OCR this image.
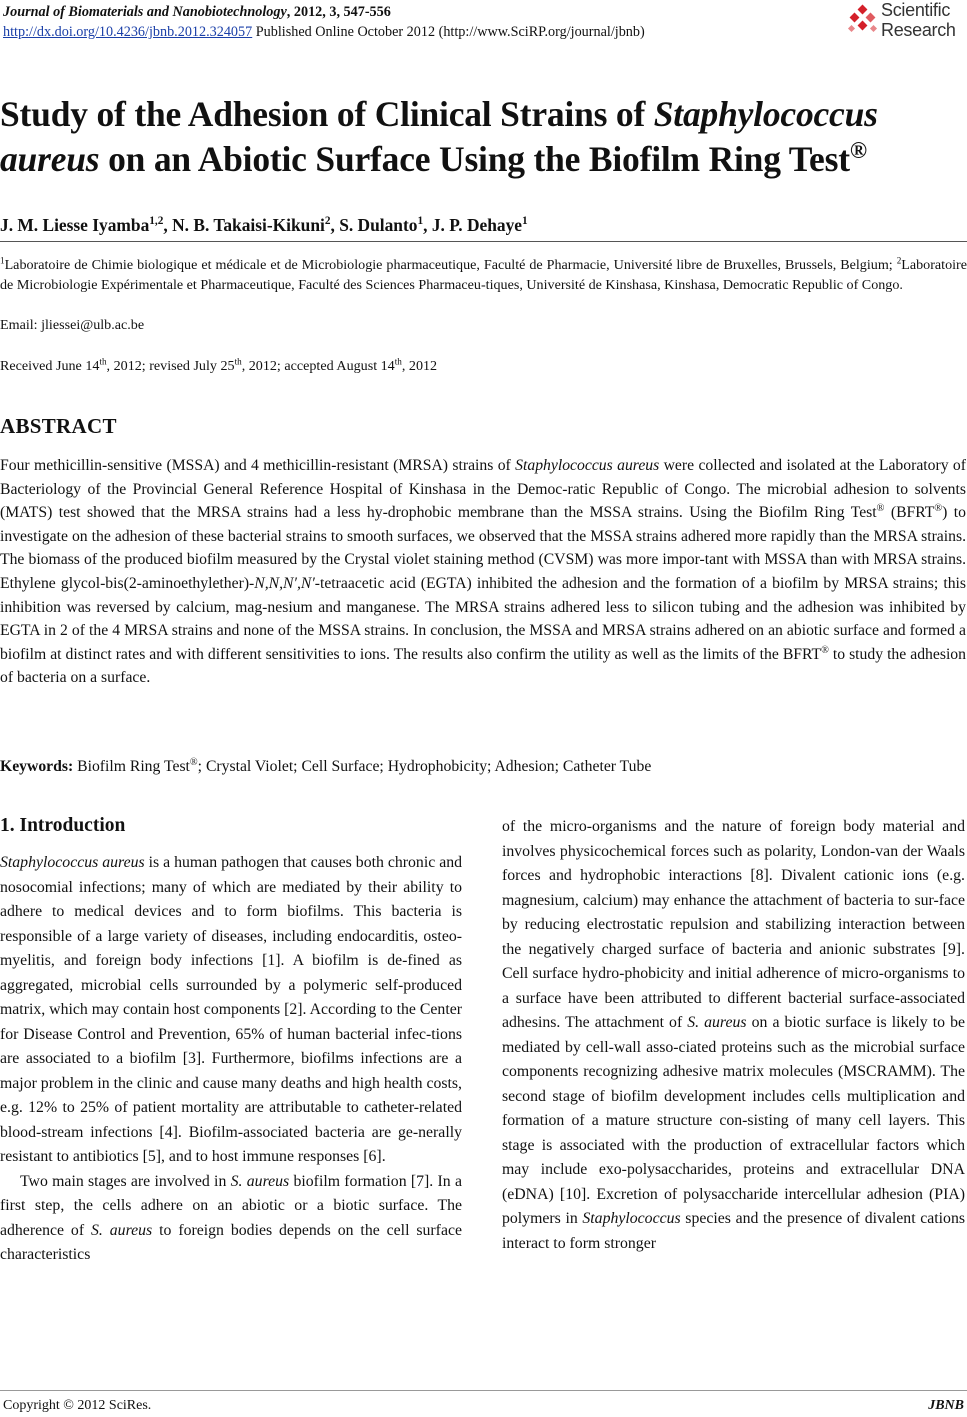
Journal of Biomaterials and Nanobiotechnology, 2012, 3, 547-556
http://dx.doi.org/10.4236/jbnb.2012.324057 Published Online October 2012 (http://www.SciRP.org/journal/jbnb)
Scientific
Research
Study of the Adhesion of Clinical Strains of Staphylococcus aureus on an Abiotic Surface Using the Biofilm Ring Test®

J. M. Liesse Iyamba$^{1,2}$, N. B. Takaisi-Kikuni$^2$, S. Dulanto$^1$, J. P. Dehaye$^1$

$^1$Laboratoire de Chimie biologique et médicale et de Microbiologie pharmaceutique, Faculté de Pharmacie, Université libre de Bruxelles, Brussels, Belgium; $^2$Laboratoire de Microbiologie Expérimentale et Pharmaceutique, Faculté des Sciences Pharmaceu-tiques, Université de Kinshasa, Kinshasa, Democratic Republic of Congo.

Email: jliessei@ulb.ac.be

Received June 14th, 2012; revised July 25th, 2012; accepted August 14th, 2012

ABSTRACT

Four methicillin-sensitive (MSSA) and 4 methicillin-resistant (MRSA) strains of Staphylococcus aureus were collected and isolated at the Laboratory of Bacteriology of the Provincial General Reference Hospital of Kinshasa in the Democ-ratic Republic of Congo. The microbial adhesion to solvents (MATS) test showed that the MRSA strains had a less hy-drophobic membrane than the MSSA strains. Using the Biofilm Ring Test® (BFRT®) to investigate on the adhesion of these bacterial strains to smooth surfaces, we observed that the MSSA strains adhered more rapidly than the MRSA strains. The biomass of the produced biofilm measured by the Crystal violet staining method (CVSM) was more impor-tant with MSSA than with MRSA strains. Ethylene glycol-bis(2-aminoethylether)-N,N,N′,N′-tetraacetic acid (EGTA) inhibited the adhesion and the formation of a biofilm by MRSA strains; this inhibition was reversed by calcium, mag-nesium and manganese. The MRSA strains adhered less to silicon tubing and the adhesion was inhibited by EGTA in 2 of the 4 MRSA strains and none of the MSSA strains. In conclusion, the MSSA and MRSA strains adhered on an abiotic surface and formed a biofilm at distinct rates and with different sensitivities to ions. The results also confirm the utility as well as the limits of the BFRT® to study the adhesion of bacteria on a surface.

Keywords: Biofilm Ring Test®; Crystal Violet; Cell Surface; Hydrophobicity; Adhesion; Catheter Tube

1. Introduction

Staphylococcus aureus is a human pathogen that causes both chronic and nosocomial infections; many of which are mediated by their ability to adhere to medical devices and to form biofilms. This bacteria is responsible of a large variety of diseases, including endocarditis, osteo-myelitis, and foreign body infections [1]. A biofilm is de-fined as aggregated, microbial cells surrounded by a polymeric self-produced matrix, which may contain host components [2]. According to the Center for Disease Control and Prevention, 65% of human bacterial infec-tions are associated to a biofilm [3]. Furthermore, biofilms infections are a major problem in the clinic and cause many deaths and high health costs, e.g. 12% to 25% of patient mortality are attributable to catheter-related blood-stream infections [4]. Biofilm-associated bacteria are ge-nerally resistant to antibiotics [5], and to host immune responses [6].

Two main stages are involved in S. aureus biofilm formation [7]. In a first step, the cells adhere on an abiotic or a biotic surface. The adherence of S. aureus to foreign bodies depends on the cell surface characteristics

of the micro-organisms and the nature of foreign body material and involves physicochemical forces such as polarity, London-van der Waals forces and hydrophobic interactions [8]. Divalent cationic ions (e.g. magnesium, calcium) may enhance the attachment of bacteria to sur-face by reducing electrostatic repulsion and stabilizing interaction between the negatively charged surface of bacteria and anionic substrates [9]. Cell surface hydro-phobicity and initial adherence of micro-organisms to a surface have been attributed to different bacterial surface-associated adhesins. The attachment of S. aureus on a biotic surface is likely to be mediated by cell-wall asso-ciated proteins such as the microbial surface components recognizing adhesive matrix molecules (MSCRAMM). The second stage of biofilm development includes cells multiplication and formation of a mature structure con-sisting of many cell layers. This stage is associated with the production of extracellular factors which may include exo-polysaccharides, proteins and extracellular DNA (eDNA) [10]. Excretion of polysaccharide intercellular adhesion (PIA) polymers in Staphylococcus species and the presence of divalent cations interact to form stronger

Copyright © 2012 SciRes.	JBNB
